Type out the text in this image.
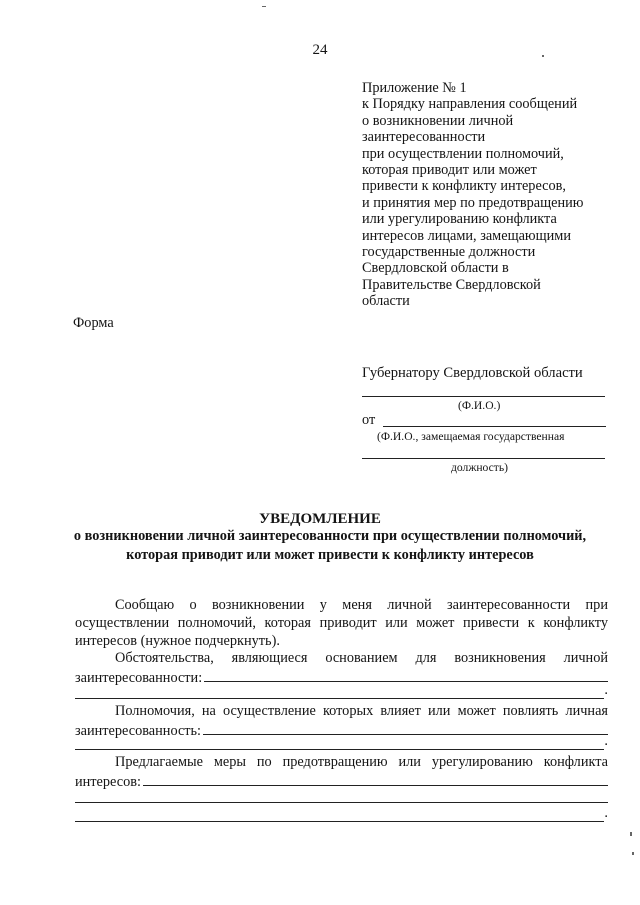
24
Приложение № 1
к Порядку направления сообщений
о возникновении личной
заинтересованности
при осуществлении полномочий,
которая приводит или может
привести к конфликту интересов,
и принятия мер по предотвращению
или урегулированию конфликта
интересов лицами, замещающими
государственные должности
Свердловской области в
Правительстве Свердловской
области
Форма
Губернатору Свердловской области
(Ф.И.О.)
от
(Ф.И.О., замещаемая государственная
должность)
УВЕДОМЛЕНИЕ
о возникновении личной заинтересованности при осуществлении полномочий, которая приводит или может привести к конфликту интересов
Сообщаю о возникновении у меня личной заинтересованности при
осуществлении полномочий, которая приводит или может привести к конфликту
интересов (нужное подчеркнуть).
Обстоятельства, являющиеся основанием для возникновения личной
заинтересованности:
.
Полномочия, на осуществление которых влияет или может повлиять личная
заинтересованность:
.
Предлагаемые меры по предотвращению или урегулированию конфликта
интересов:
.
